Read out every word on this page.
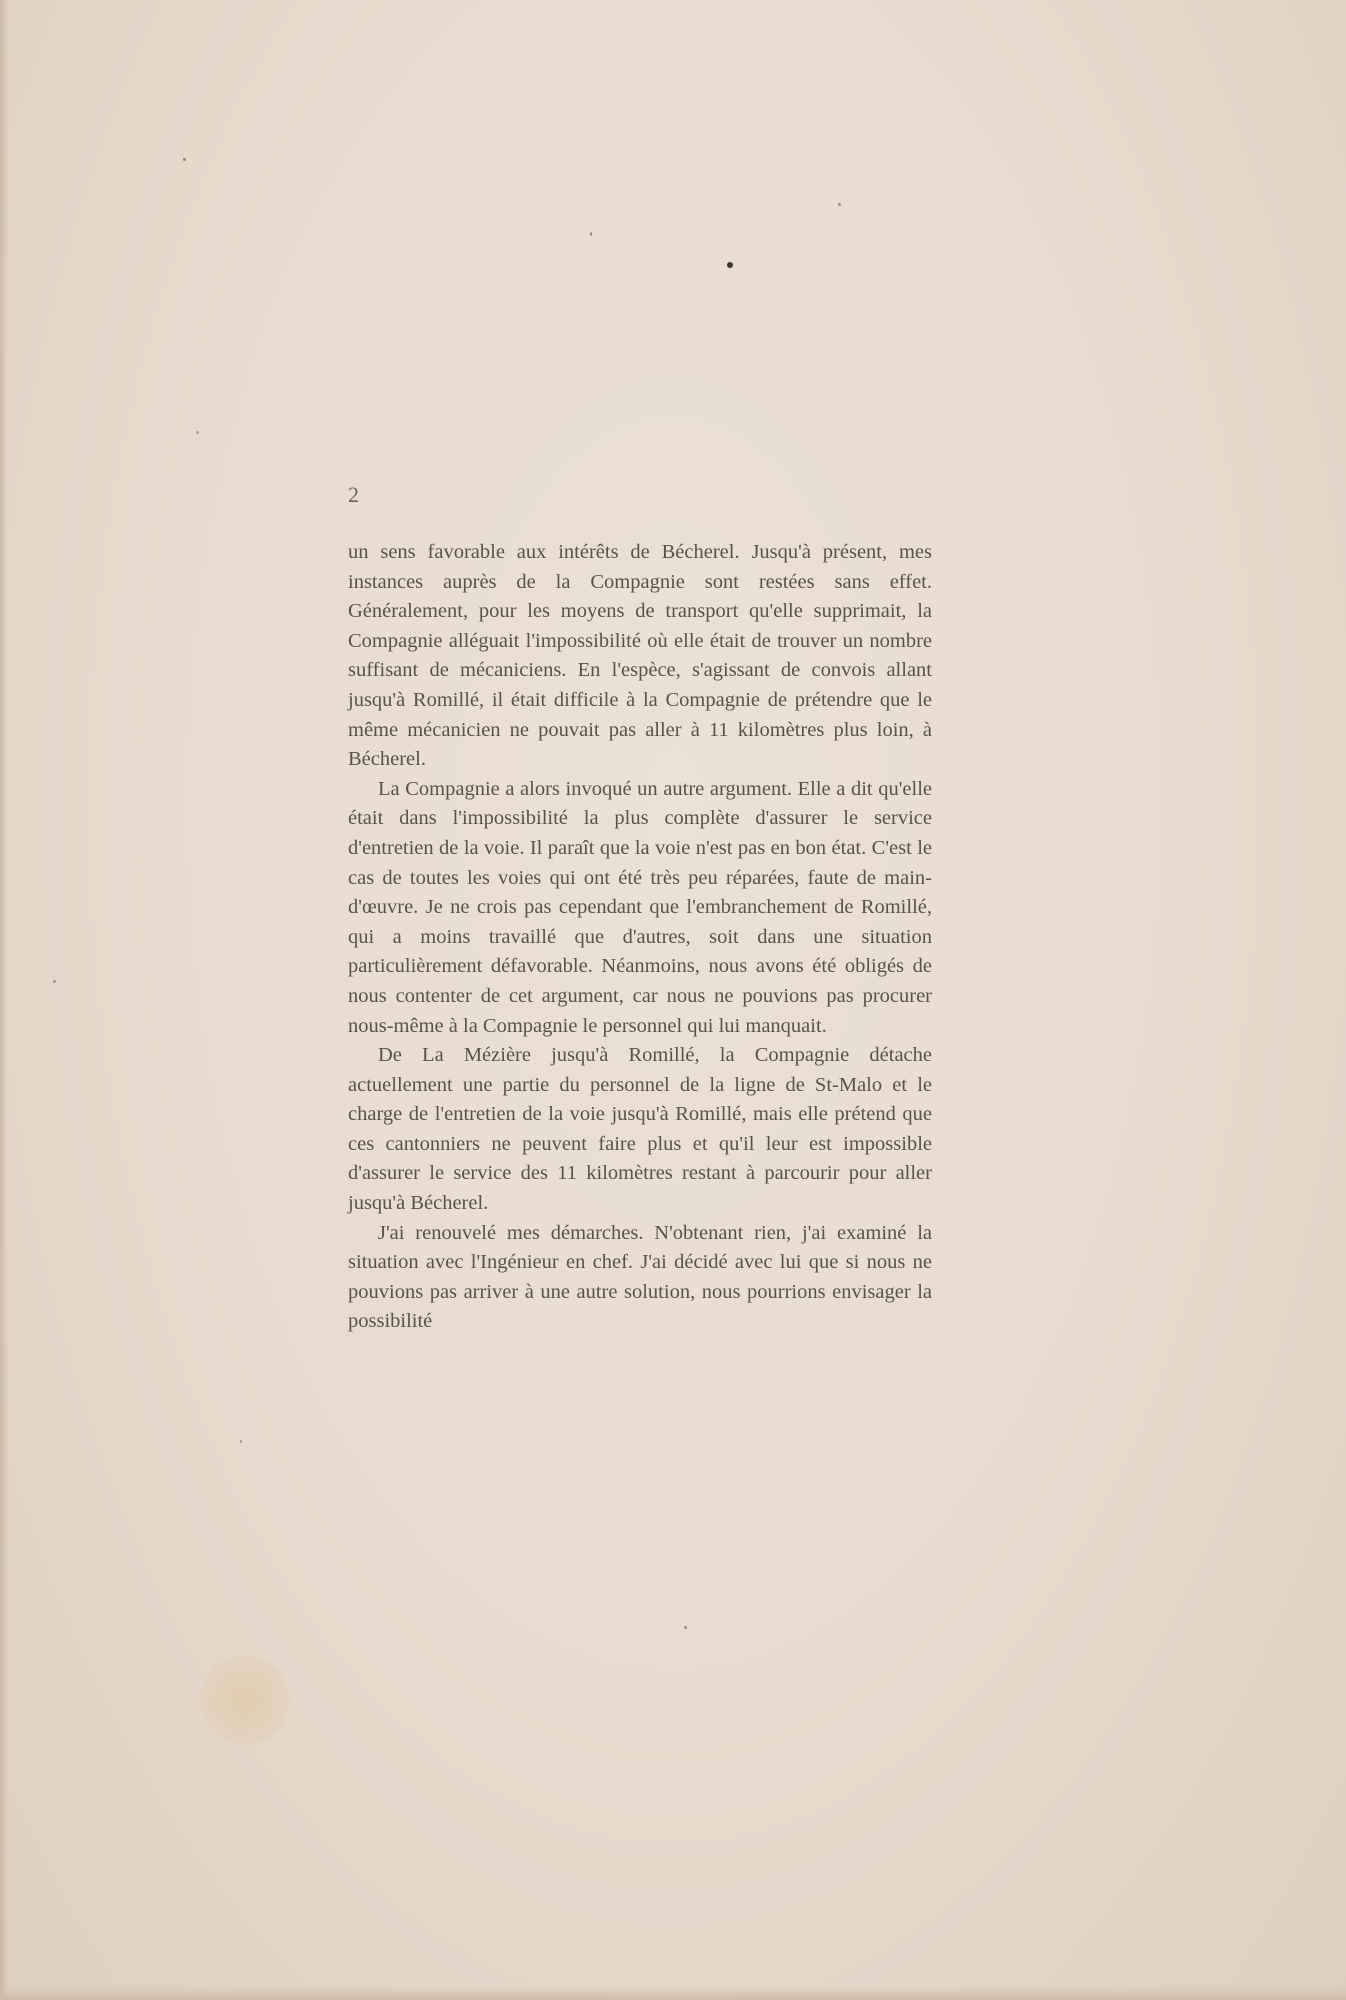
2

un sens favorable aux intérêts de Bécherel. Jusqu'à présent, mes instances auprès de la Compagnie sont restées sans effet. Généralement, pour les moyens de transport qu'elle supprimait, la Compagnie alléguait l'impossibilité où elle était de trouver un nombre suffisant de mécaniciens. En l'espèce, s'agissant de convois allant jusqu'à Romillé, il était difficile à la Compagnie de prétendre que le même mécanicien ne pouvait pas aller à 11 kilomètres plus loin, à Bécherel.

La Compagnie a alors invoqué un autre argument. Elle a dit qu'elle était dans l'impossibilité la plus complète d'assurer le service d'entretien de la voie. Il paraît que la voie n'est pas en bon état. C'est le cas de toutes les voies qui ont été très peu réparées, faute de main-d'œuvre. Je ne crois pas cependant que l'embranchement de Romillé, qui a moins travaillé que d'autres, soit dans une situation particulièrement défavorable. Néanmoins, nous avons été obligés de nous contenter de cet argument, car nous ne pouvions pas procurer nous-même à la Compagnie le personnel qui lui manquait.

De La Mézière jusqu'à Romillé, la Compagnie détache actuellement une partie du personnel de la ligne de St-Malo et le charge de l'entretien de la voie jusqu'à Romillé, mais elle prétend que ces cantonniers ne peuvent faire plus et qu'il leur est impossible d'assurer le service des 11 kilomètres restant à parcourir pour aller jusqu'à Bécherel.

J'ai renouvelé mes démarches. N'obtenant rien, j'ai examiné la situation avec l'Ingénieur en chef. J'ai décidé avec lui que si nous ne pouvions pas arriver à une autre solution, nous pourrions envisager la possibilité
